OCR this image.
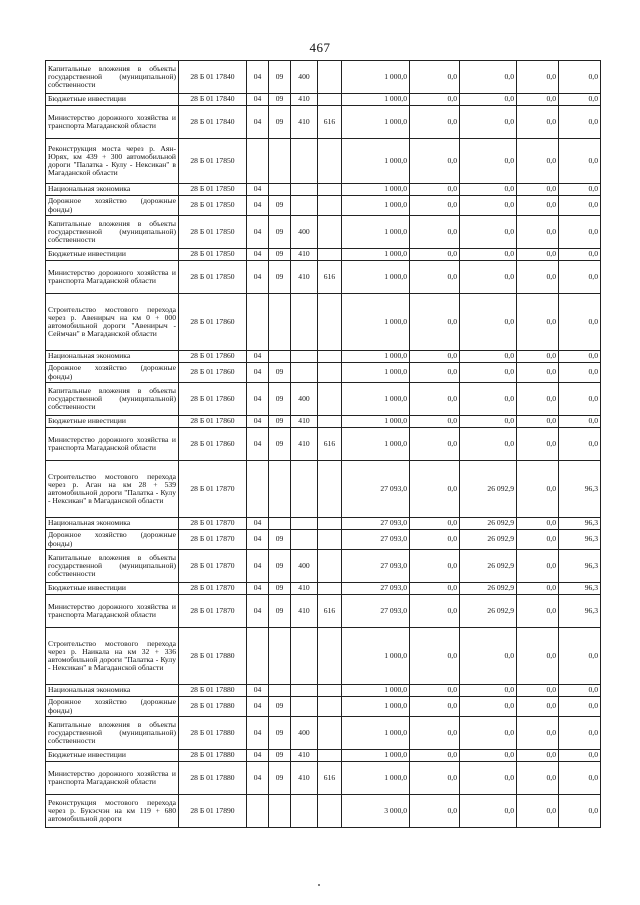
467
Капитальные вложения в объекты государственной (муниципальной) собственности	28 Б 01 17840	04	09	400		1 000,0	0,0	0,0	0,0	0,0
Бюджетные инвестиции	28 Б 01 17840	04	09	410		1 000,0	0,0	0,0	0,0	0,0
Министерство дорожного хозяйства и транспорта Магаданской области	28 Б 01 17840	04	09	410	616	1 000,0	0,0	0,0	0,0	0,0
Реконструкция моста через р. Аян-Юрях, км 439 + 300 автомобильной дороги "Палатка - Кулу - Нексикан" в Магаданской области	28 Б 01 17850					1 000,0	0,0	0,0	0,0	0,0
Национальная экономика	28 Б 01 17850	04				1 000,0	0,0	0,0	0,0	0,0
Дорожное хозяйство (дорожные фонды)	28 Б 01 17850	04	09			1 000,0	0,0	0,0	0,0	0,0
Капитальные вложения в объекты государственной (муниципальной) собственности	28 Б 01 17850	04	09	400		1 000,0	0,0	0,0	0,0	0,0
Бюджетные инвестиции	28 Б 01 17850	04	09	410		1 000,0	0,0	0,0	0,0	0,0
Министерство дорожного хозяйства и транспорта Магаданской области	28 Б 01 17850	04	09	410	616	1 000,0	0,0	0,0	0,0	0,0
Строительство мостового перехода через р. Авенирыч на км 0 + 000 автомобильной дороги "Авенирыч - Сеймчан" в Магаданской области	28 Б 01 17860					1 000,0	0,0	0,0	0,0	0,0
Национальная экономика	28 Б 01 17860	04				1 000,0	0,0	0,0	0,0	0,0
Дорожное хозяйство (дорожные фонды)	28 Б 01 17860	04	09			1 000,0	0,0	0,0	0,0	0,0
Капитальные вложения в объекты государственной (муниципальной) собственности	28 Б 01 17860	04	09	400		1 000,0	0,0	0,0	0,0	0,0
Бюджетные инвестиции	28 Б 01 17860	04	09	410		1 000,0	0,0	0,0	0,0	0,0
Министерство дорожного хозяйства и транспорта Магаданской области	28 Б 01 17860	04	09	410	616	1 000,0	0,0	0,0	0,0	0,0
Строительство мостового перехода через р. Аган на км 28 + 539 автомобильной дороги "Палатка - Кулу - Нексикан" в Магаданской области	28 Б 01 17870					27 093,0	0,0	26 092,9	0,0	96,3
Национальная экономика	28 Б 01 17870	04				27 093,0	0,0	26 092,9	0,0	96,3
Дорожное хозяйство (дорожные фонды)	28 Б 01 17870	04	09			27 093,0	0,0	26 092,9	0,0	96,3
Капитальные вложения в объекты государственной (муниципальной) собственности	28 Б 01 17870	04	09	400		27 093,0	0,0	26 092,9	0,0	96,3
Бюджетные инвестиции	28 Б 01 17870	04	09	410		27 093,0	0,0	26 092,9	0,0	96,3
Министерство дорожного хозяйства и транспорта Магаданской области	28 Б 01 17870	04	09	410	616	27 093,0	0,0	26 092,9	0,0	96,3
Строительство мостового перехода через р. Наикала на км 32 + 336 автомобильной дороги "Палатка - Кулу - Нексикан" в Магаданской области	28 Б 01 17880					1 000,0	0,0	0,0	0,0	0,0
Национальная экономика	28 Б 01 17880	04				1 000,0	0,0	0,0	0,0	0,0
Дорожное хозяйство (дорожные фонды)	28 Б 01 17880	04	09			1 000,0	0,0	0,0	0,0	0,0
Капитальные вложения в объекты государственной (муниципальной) собственности	28 Б 01 17880	04	09	400		1 000,0	0,0	0,0	0,0	0,0
Бюджетные инвестиции	28 Б 01 17880	04	09	410		1 000,0	0,0	0,0	0,0	0,0
Министерство дорожного хозяйства и транспорта Магаданской области	28 Б 01 17880	04	09	410	616	1 000,0	0,0	0,0	0,0	0,0
Реконструкция мостового перехода через р. Букэсчэн на км 119 + 680 автомобильной дороги	28 Б 01 17890					3 000,0	0,0	0,0	0,0	0,0
